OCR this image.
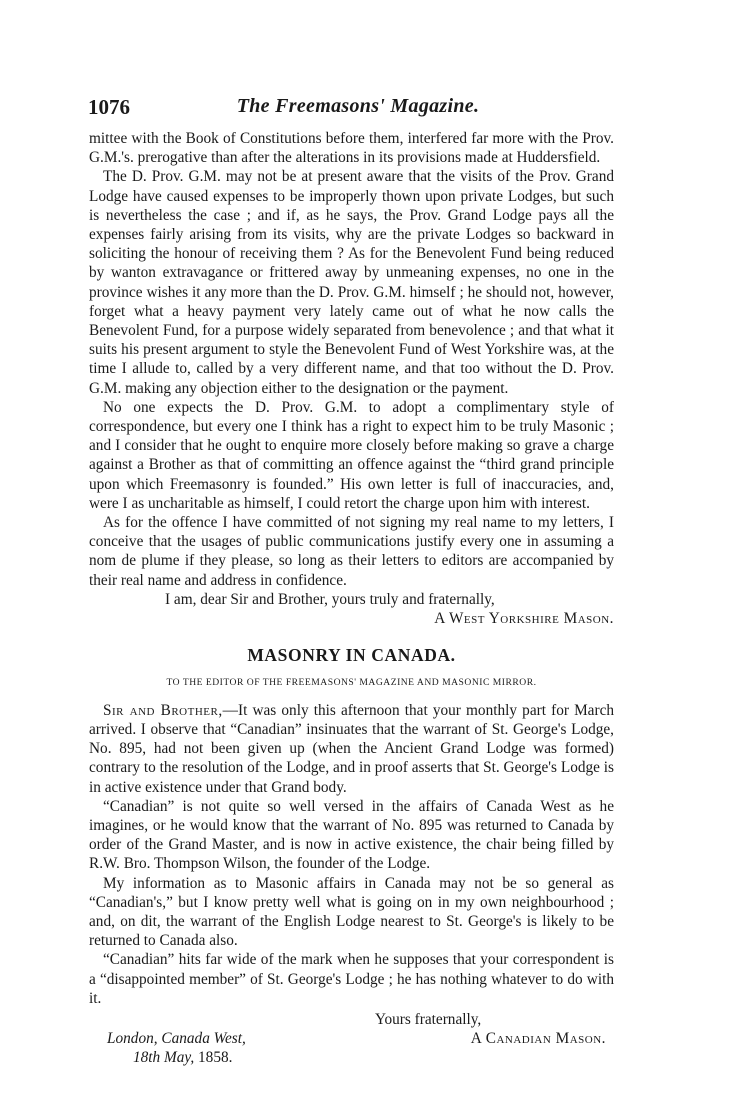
1076	The Freemasons' Magazine.

mittee with the Book of Constitutions before them, interfered far more with the Prov. G.M.'s. prerogative than after the alterations in its provisions made at Huddersfield.

The D. Prov. G.M. may not be at present aware that the visits of the Prov. Grand Lodge have caused expenses to be improperly thown upon private Lodges, but such is nevertheless the case ; and if, as he says, the Prov. Grand Lodge pays all the expenses fairly arising from its visits, why are the private Lodges so backward in soliciting the honour of receiving them ? As for the Benevolent Fund being reduced by wanton extravagance or frittered away by unmeaning expenses, no one in the province wishes it any more than the D. Prov. G.M. himself ; he should not, however, forget what a heavy payment very lately came out of what he now calls the Benevolent Fund, for a purpose widely separated from benevolence ; and that what it suits his present argument to style the Benevolent Fund of West Yorkshire was, at the time I allude to, called by a very different name, and that too without the D. Prov. G.M. making any objection either to the designation or the payment.

No one expects the D. Prov. G.M. to adopt a complimentary style of correspondence, but every one I think has a right to expect him to be truly Masonic ; and I consider that he ought to enquire more closely before making so grave a charge against a Brother as that of committing an offence against the “third grand principle upon which Freemasonry is founded.” His own letter is full of inaccuracies, and, were I as uncharitable as himself, I could retort the charge upon him with interest.

As for the offence I have committed of not signing my real name to my letters, I conceive that the usages of public communications justify every one in assuming a nom de plume if they please, so long as their letters to editors are accompanied by their real name and address in confidence.

I am, dear Sir and Brother, yours truly and fraternally,

A West Yorkshire Mason.

MASONRY IN CANADA.
TO THE EDITOR OF THE FREEMASONS' MAGAZINE AND MASONIC MIRROR.

Sir and Brother,—It was only this afternoon that your monthly part for March arrived. I observe that “Canadian” insinuates that the warrant of St. George's Lodge, No. 895, had not been given up (when the Ancient Grand Lodge was formed) contrary to the resolution of the Lodge, and in proof asserts that St. George's Lodge is in active existence under that Grand body.

“Canadian” is not quite so well versed in the affairs of Canada West as he imagines, or he would know that the warrant of No. 895 was returned to Canada by order of the Grand Master, and is now in active existence, the chair being filled by R.W. Bro. Thompson Wilson, the founder of the Lodge.

My information as to Masonic affairs in Canada may not be so general as “Canadian's,” but I know pretty well what is going on in my own neighbourhood ; and, on dit, the warrant of the English Lodge nearest to St. George's is likely to be returned to Canada also.

“Canadian” hits far wide of the mark when he supposes that your correspondent is a “disappointed member” of St. George's Lodge ; he has nothing whatever to do with it.

Yours fraternally,
London, Canada West,	A Canadian Mason.
18th May, 1858.
